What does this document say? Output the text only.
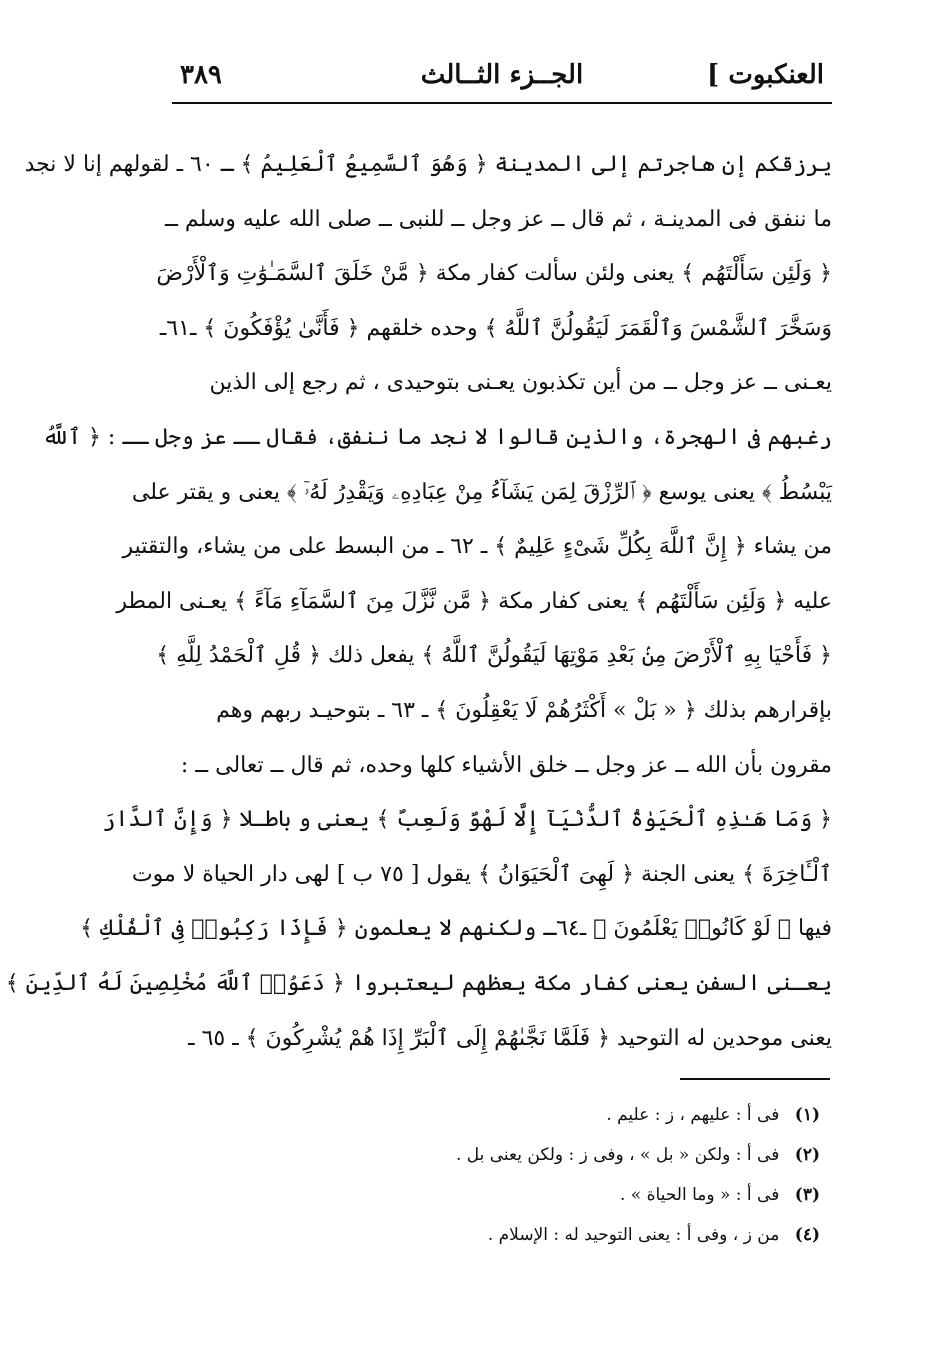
العنكبوت ]
الجــزء الثــالث
٣٨٩
يرزقكم إن هاجرتم إلى المدينة ﴿ وَهُوَ ٱلسَّمِيعُ ٱلْعَلِيمُ ﴾ ـ ٦٠ ـ لقولهم إنا لا نجد
ما ننفق فى المدينـة ، ثم قال ــ عز وجل ــ للنبى ــ صلى الله عليه وسلم ــ
﴿ وَلَئِن سَأَلْتَهُم ﴾ يعنى ولئن سألت كفار مكة ﴿ مَّنْ خَلَقَ ٱلسَّمَـٰوَٰتِ وَٱلْأَرْضَ
وَسَخَّرَ ٱلشَّمْسَ وَٱلْقَمَرَ لَيَقُولُنَّ ٱللَّهُ ﴾ وحده خلقهم ﴿ فَأَنَّىٰ يُؤْفَكُونَ ﴾ ـ٦١ـ
يعـنى ــ عز وجل ــ من أين تكذبون يعـنى بتوحيدى ، ثم رجع إلى الذين
رغبهم فى الهجرة، والذين قالوا لا نجد ما ننفق، فقال ــ عز وجل ــ : ﴿ ٱللَّهُ
يَبْسُطُ ﴾ يعنى يوسع ﴿ ٱلرِّزْقَ لِمَن يَشَآءُ مِنْ عِبَادِهِۦ وَيَقْدِرُ لَهُۥٓ ﴾ يعنى و يقتر على
من يشاء ﴿ إِنَّ ٱللَّهَ بِكُلِّ شَىْءٍ عَلِيمٌ ﴾ ـ ٦٢ ـ من البسط على من يشاء، والتقتير
عليه ﴿ وَلَئِن سَأَلْتَهُم ﴾ يعنى كفار مكة ﴿ مَّن نَّزَّلَ مِنَ ٱلسَّمَآءِ مَآءً ﴾ يعـنى المطر
﴿ فَأَحْيَا بِهِ ٱلْأَرْضَ مِنۢ بَعْدِ مَوْتِهَا لَيَقُولُنَّ ٱللَّهُ ﴾ يفعل ذلك ﴿ قُلِ ٱلْحَمْدُ لِلَّهِ ﴾
بإقرارهم بذلك ﴿ « بَلْ » أَكْثَرُهُمْ لَا يَعْقِلُونَ ﴾ ـ ٦٣ ـ بتوحيـد ربهم وهم
مقرون بأن الله ــ عز وجل ــ خلق الأشياء كلها وحده، ثم قال ــ تعالى ــ :
﴿ وَمَا هَـٰذِهِ ٱلْحَيَوٰةُ ٱلدُّنْيَآ إِلَّا لَهْوٌ وَلَعِبٌ ﴾ يعنى و باطـلا ﴿ وَإِنَّ ٱلدَّارَ
ٱلْـَٔاخِرَةَ ﴾ يعنى الجنة ﴿ لَهِىَ ٱلْحَيَوَانُ ﴾ يقول [ ٧٥ ب ] لهى دار الحياة لا موت
فيها ﴿ لَوْ كَانُوا۟ يَعْلَمُونَ ﴾ ـ٦٤ـ ولكنهم لا يعلمون ﴿ فَإِذَا رَكِبُوا۟ فِى ٱلْفُلْكِ ﴾
يعـنى السفن يعنى كفار مكة يعظهم ليعتبروا ﴿ دَعَوُا۟ ٱللَّهَ مُخْلِصِينَ لَهُ ٱلدِّينَ ﴾
يعنى موحدين له التوحيد ﴿ فَلَمَّا نَجَّىٰهُمْ إِلَى ٱلْبَرِّ إِذَا هُمْ يُشْرِكُونَ ﴾ ـ ٦٥ ـ
(١) فى أ : عليهم ، ز : عليم .
(٢) فى أ : ولكن « بل » ، وفى ز : ولكن يعنى بل .
(٣) فى أ : « وما الحياة » .
(٤) من ز ، وفى أ : يعنى التوحيد له : الإسلام .
